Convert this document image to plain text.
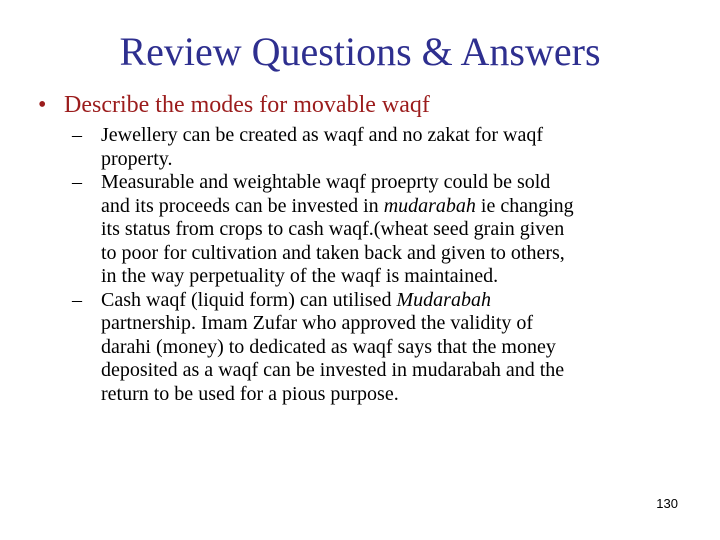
Review Questions & Answers
• Describe the modes for movable waqf
– Jewellery can be created as waqf and no zakat for waqf
property.
– Measurable and weightable waqf proeprty could be sold
and its proceeds can be invested in mudarabah ie changing
its status from crops to cash waqf.(wheat seed grain given
to poor for cultivation and taken back and given to others,
in the way perpetuality of the waqf is maintained.
– Cash waqf (liquid form) can utilised Mudarabah
partnership. Imam Zufar who approved the validity of
darahi (money) to dedicated as waqf says that the money
deposited as a waqf can be invested in mudarabah and the
return to be used for a pious purpose.
130
